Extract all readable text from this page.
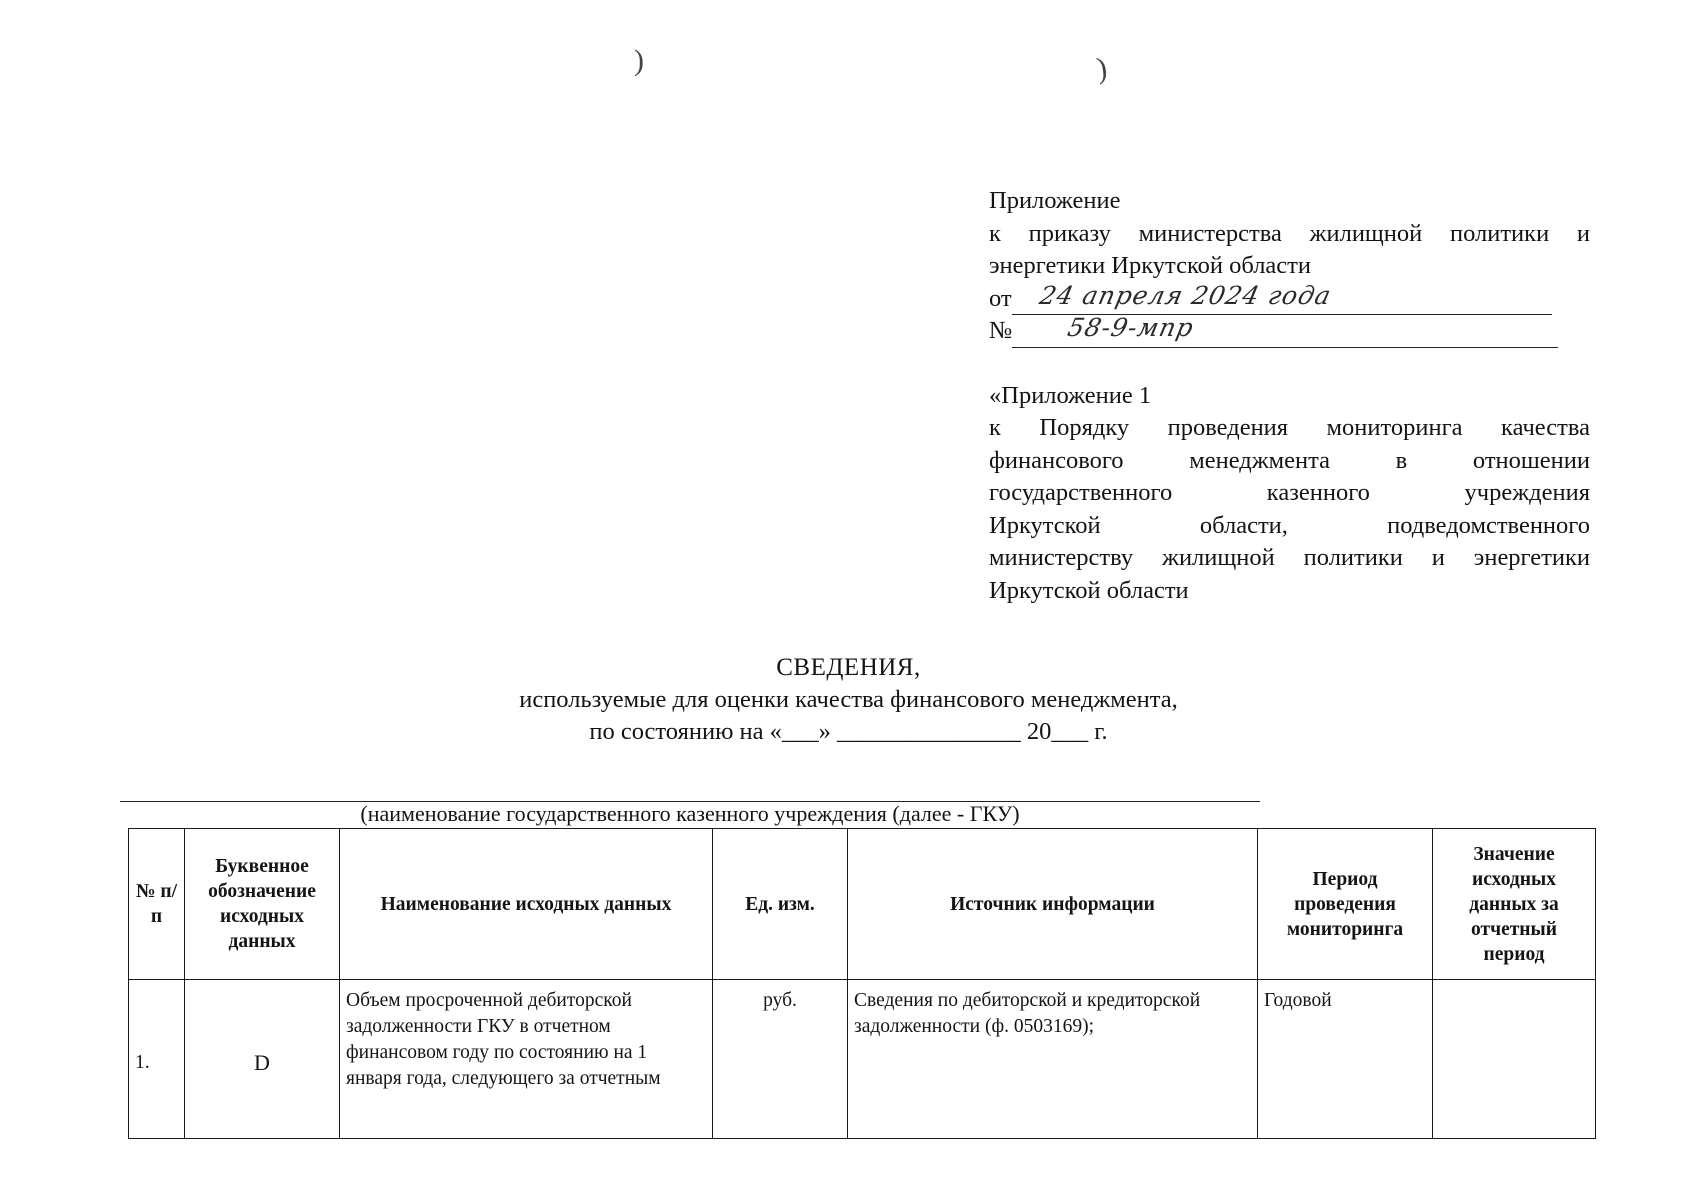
)	)
Приложение
к приказу министерства жилищной политики и
энергетики Иркутской области
от 24 апреля 2024 года
№ 58-9-мпр
«Приложение 1
к Порядку проведения мониторинга качества
финансового менеджмента в отношении
государственного казенного учреждения
Иркутской области, подведомственного
министерству жилищной политики и энергетики
Иркутской области
СВЕДЕНИЯ,
используемые для оценки качества финансового менеджмента,
по состоянию на «___» _______________ 20___ г.
(наименование государственного казенного учреждения (далее - ГКУ)
№ п/п	Буквенное обозначение исходных данных	Наименование исходных данных	Ед. изм.	Источник информации	Период проведения мониторинга	Значение исходных данных за отчетный период
1.	D	Объем просроченной дебиторской задолженности ГКУ в отчетном финансовом году по состоянию на 1 января года, следующего за отчетным	руб.	Сведения по дебиторской и кредиторской задолженности (ф. 0503169);	Годовой	
